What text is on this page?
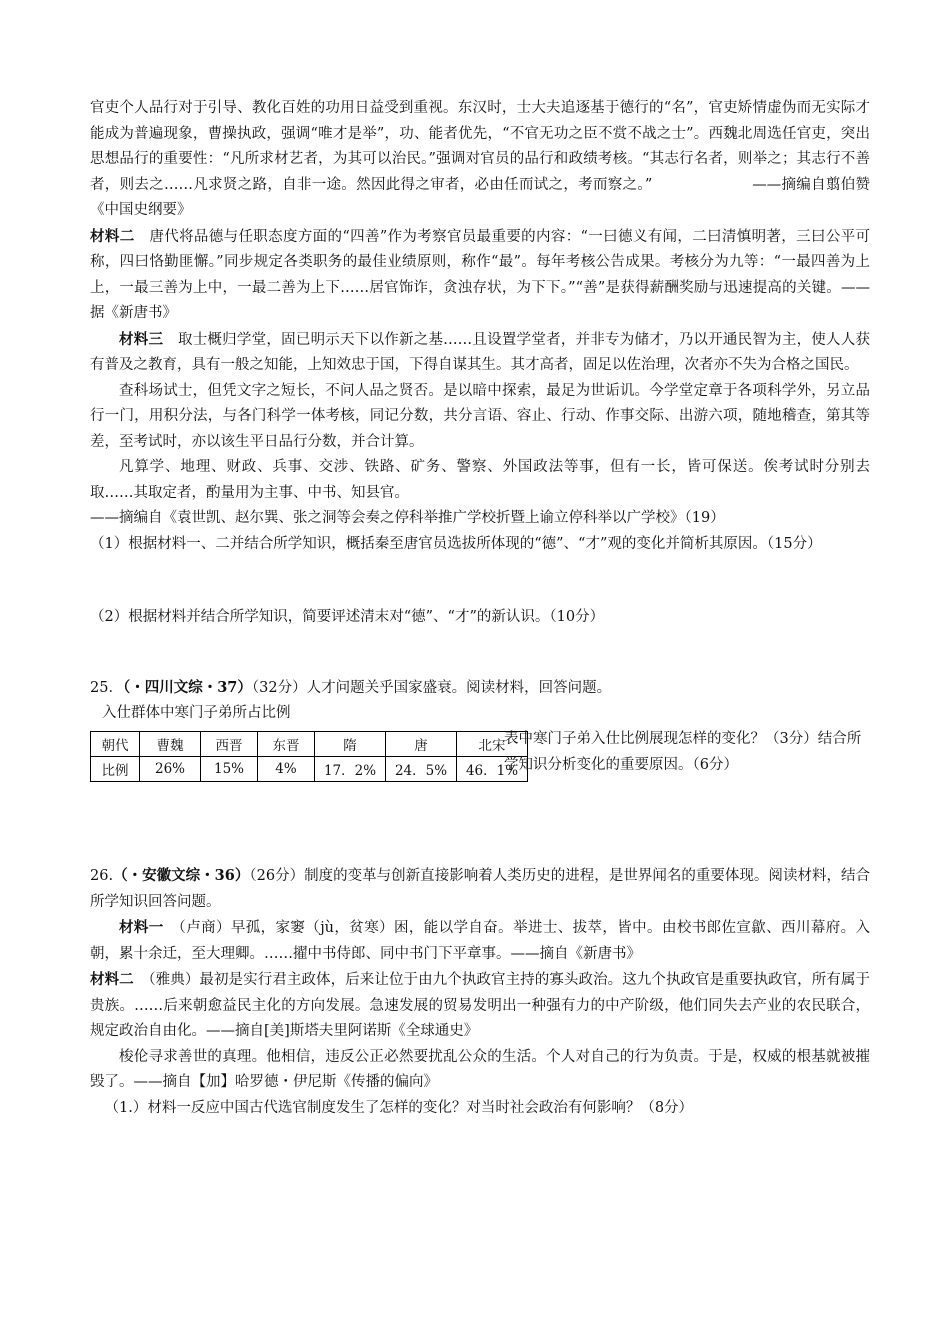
官吏个人品行对于引导、教化百姓的功用日益受到重视。东汉时，士大夫追逐基于德行的“名”，官吏矫情虚伪而无实际才能成为普遍现象，曹操执政，强调“唯才是举”，功、能者优先，“不官无功之臣不赏不战之士”。西魏北周选任官吏，突出思想品行的重要性：“凡所求材艺者，为其可以治民。”强调对官员的品行和政绩考核。“其志行名者，则举之；其志行不善者，则去之……凡求贤之路，自非一途。然因此得之审者，必由任而试之，考而察之。”	——摘编自翦伯赞《中国史纲要》

材料二　唐代将品德与任职态度方面的“四善”作为考察官员最重要的内容：“一曰德义有闻，二曰清慎明著，三曰公平可称，四曰恪勤匪懈。”同步规定各类职务的最佳业绩原则，称作“最”。每年考核公告成果。考核分为九等：“一最四善为上上，一最三善为上中，一最二善为上下……居官饰诈，贪浊存状，为下下。”“善”是获得薪酬奖励与迅速提高的关键。——据《新唐书》

材料三　取士概归学堂，固已明示天下以作新之基……且设置学堂者，并非专为储才，乃以开通民智为主，使人人获有普及之教育，具有一般之知能，上知效忠于国，下得自谋其生。其才高者，固足以佐治理，次者亦不失为合格之国民。

查科场试士，但凭文字之短长，不问人品之贤否。是以暗中探索，最足为世诟讥。今学堂定章于各项科学外，另立品行一门，用积分法，与各门科学一体考核，同记分数，共分言语、容止、行动、作事交际、出游六项，随地稽查，第其等差，至考试时，亦以该生平日品行分数，并合计算。

凡算学、地理、财政、兵事、交涉、铁路、矿务、警察、外国政法等事，但有一长，皆可保送。俟考试时分别去取……其取定者，酌量用为主事、中书、知县官。

——摘编自《袁世凯、赵尔巽、张之洞等会奏之停科举推广学校折暨上谕立停科举以广学校》（19）

（1）根据材料一、二并结合所学知识，概括秦至唐官员选拔所体现的“德”、“才”观的变化并简析其原因。（15分）

（2）根据材料并结合所学知识，简要评述清末对“德”、“才”的新认识。（10分）

25．（・四川文综・37）（32分）人才问题关乎国家盛衰。阅读材料，回答问题。

入仕群体中寒门子弟所占比例
朝代	曹魏	西晋	东晋	隋	唐	北宋
比例	26%	15%	4%	17．2%	24．5%	46．1%
表中寒门子弟入仕比例展现怎样的变化？（3分）结合所学知识分析变化的重要原因。（6分）

26.（・安徽文综・36）（26分）制度的变革与创新直接影响着人类历史的进程，是世界闻名的重要体现。阅读材料，结合所学知识回答问题。

材料一　（卢商）早孤，家窭（jù，贫寒）困，能以学自奋。举进士、拔萃，皆中。由校书郎佐宣歙、西川幕府。入朝，累十余迁，至大理卿。……擢中书侍郎、同中书门下平章事。——摘自《新唐书》

材料二　（雅典）最初是实行君主政体，后来让位于由九个执政官主持的寡头政治。这九个执政官是重要执政官，所有属于贵族。……后来朝愈益民主化的方向发展。急速发展的贸易发明出一种强有力的中产阶级，他们同失去产业的农民联合，规定政治自由化。——摘自[美]斯塔夫里阿诺斯《全球通史》

梭伦寻求善世的真理。他相信，违反公正必然要扰乱公众的生活。个人对自己的行为负责。于是，权威的根基就被摧毁了。——摘自【加】哈罗德・伊尼斯《传播的偏向》

（1.）材料一反应中国古代选官制度发生了怎样的变化？对当时社会政治有何影响？（8分）
